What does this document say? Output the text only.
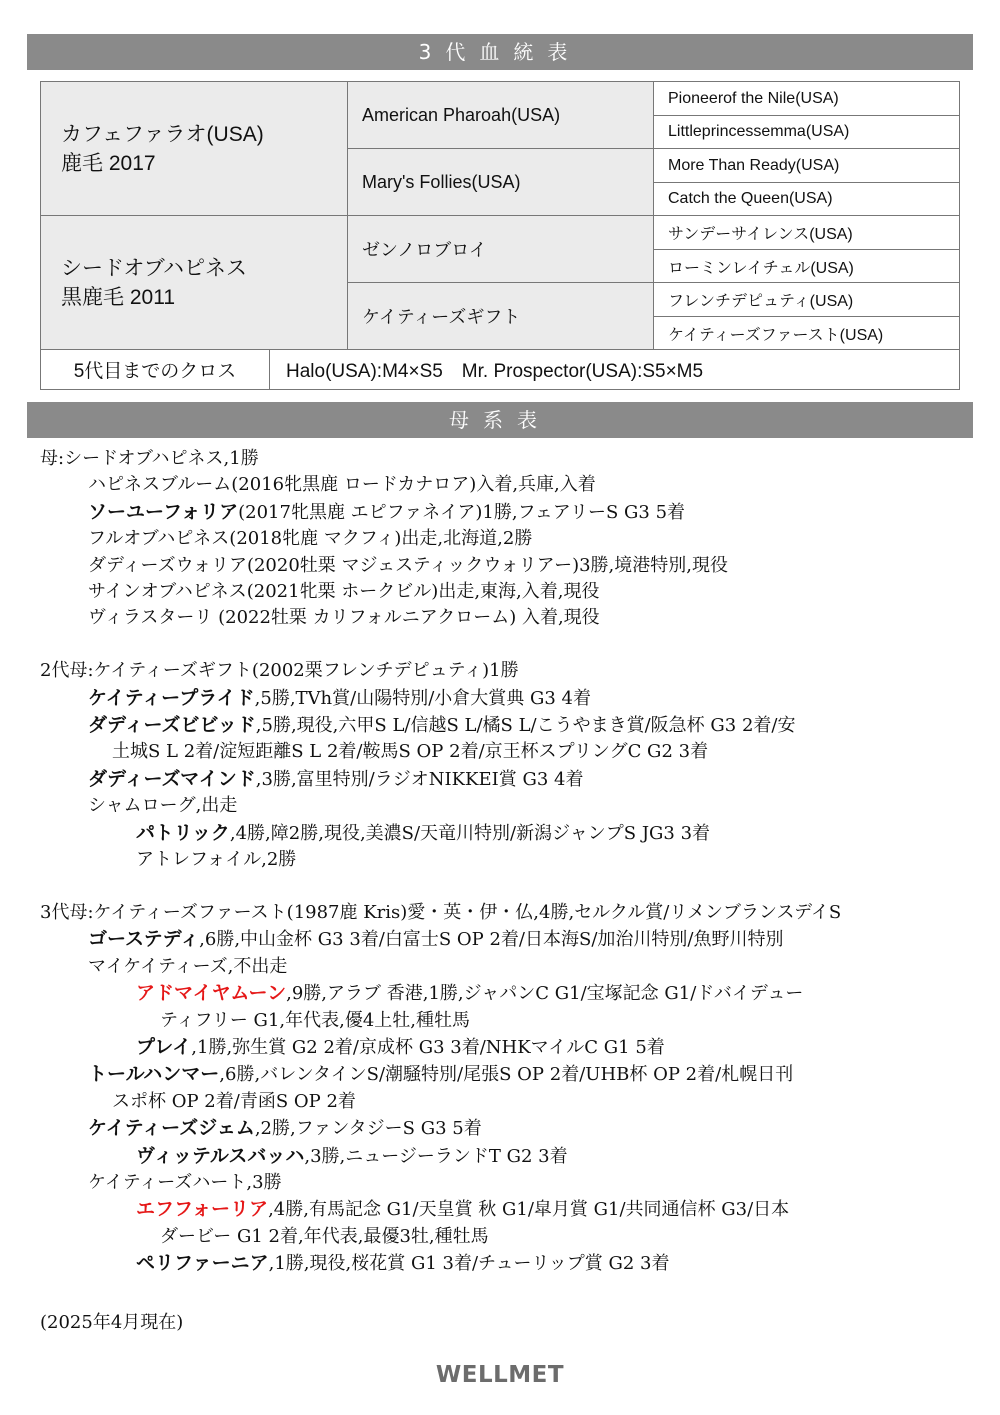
3代血統表
カフェファラオ(USA)
鹿毛 2017
シードオブハピネス
黒鹿毛 2011
American Pharoah(USA)
Mary's Follies(USA)
ゼンノロブロイ
ケイティーズギフト
Pioneerof the Nile(USA)
Littleprincessemma(USA)
More Than Ready(USA)
Catch the Queen(USA)
サンデーサイレンス(USA)
ローミンレイチェル(USA)
フレンチデピュティ(USA)
ケイティーズファースト(USA)
5代目までのクロス	Halo(USA):M4×S5　Mr. Prospector(USA):S5×M5
母系表
母:シードオブハピネス,1勝
ハピネスブルーム(2016牝黒鹿 ロードカナロア)入着,兵庫,入着
ソーユーフォリア(2017牝黒鹿 エピファネイア)1勝,フェアリーS G3 5着
フルオブハピネス(2018牝鹿 マクフィ)出走,北海道,2勝
ダディーズウォリア(2020牡栗 マジェスティックウォリアー)3勝,境港特別,現役
サインオブハピネス(2021牝栗 ホークビル)出走,東海,入着,現役
ヴィラスターリ (2022牡栗 カリフォルニアクローム) 入着,現役
2代母:ケイティーズギフト(2002栗フレンチデピュティ)1勝
ケイティープライド,5勝,TVh賞/山陽特別/小倉大賞典 G3 4着
ダディーズビビッド,5勝,現役,六甲S L/信越S L/橘S L/こうやまき賞/阪急杯 G3 2着/安
土城S L 2着/淀短距離S L 2着/鞍馬S OP 2着/京王杯スプリングC G2 3着
ダディーズマインド,3勝,富里特別/ラジオNIKKEI賞 G3 4着
シャムローグ,出走
パトリック,4勝,障2勝,現役,美濃S/天竜川特別/新潟ジャンプS JG3 3着
アトレフォイル,2勝
3代母:ケイティーズファースト(1987鹿 Kris)愛・英・伊・仏,4勝,セルクル賞/リメンブランスデイS
ゴーステディ,6勝,中山金杯 G3 3着/白富士S OP 2着/日本海S/加治川特別/魚野川特別
マイケイティーズ,不出走
アドマイヤムーン,9勝,アラブ 香港,1勝,ジャパンC G1/宝塚記念 G1/ドバイデュー
ティフリー G1,年代表,優4上牡,種牡馬
プレイ,1勝,弥生賞 G2 2着/京成杯 G3 3着/NHKマイルC G1 5着
トールハンマー,6勝,バレンタインS/潮騒特別/尾張S OP 2着/UHB杯 OP 2着/札幌日刊
スポ杯 OP 2着/青函S OP 2着
ケイティーズジェム,2勝,ファンタジーS G3 5着
ヴィッテルスバッハ,3勝,ニュージーランドT G2 3着
ケイティーズハート,3勝
エフフォーリア,4勝,有馬記念 G1/天皇賞 秋 G1/皐月賞 G1/共同通信杯 G3/日本
ダービー G1 2着,年代表,最優3牡,種牡馬
ペリファーニア,1勝,現役,桜花賞 G1 3着/チューリップ賞 G2 3着
(2025年4月現在)
WELLMET
